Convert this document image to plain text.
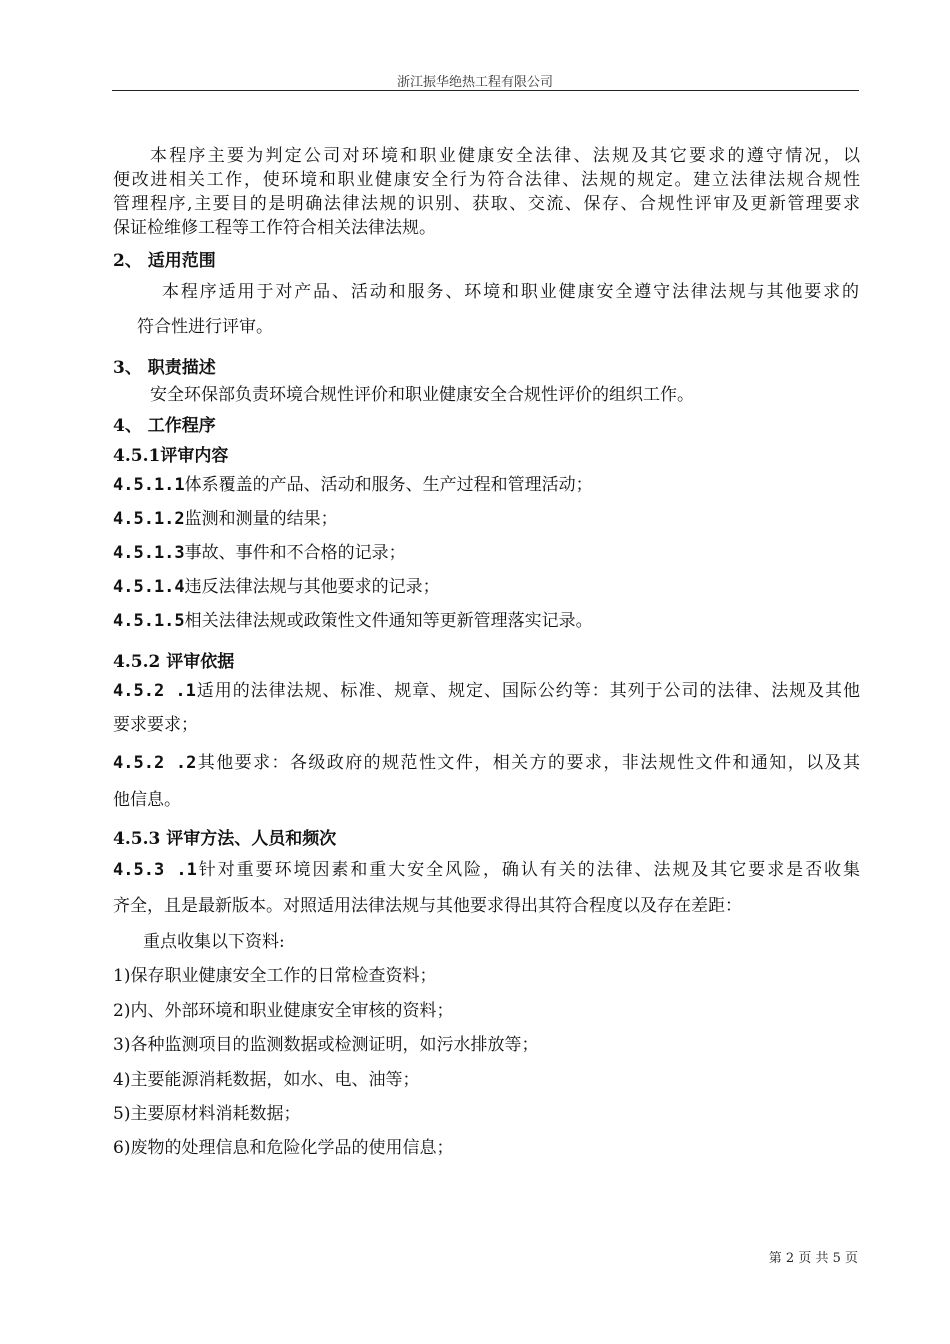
浙江振华绝热工程有限公司
本程序主要为判定公司对环境和职业健康安全法律、法规及其它要求的遵守情况，以
便改进相关工作，使环境和职业健康安全行为符合法律、法规的规定。建立法律法规合规性
管理程序,主要目的是明确法律法规的识别、获取、交流、保存、合规性评审及更新管理要求
保证检维修工程等工作符合相关法律法规。
2、 适用范围
本程序适用于对产品、活动和服务、环境和职业健康安全遵守法律法规与其他要求的
符合性进行评审。
3、 职责描述
安全环保部负责环境合规性评价和职业健康安全合规性评价的组织工作。
4、 工作程序
4.5.1评审内容
4.5.1.1体系覆盖的产品、活动和服务、生产过程和管理活动；
4.5.1.2监测和测量的结果；
4.5.1.3事故、事件和不合格的记录；
4.5.1.4违反法律法规与其他要求的记录；
4.5.1.5相关法律法规或政策性文件通知等更新管理落实记录。
4.5.2 评审依据
4.5.2 .1适用的法律法规、标准、规章、规定、国际公约等：其列于公司的法律、法规及其他
要求要求；
4.5.2 .2其他要求：各级政府的规范性文件，相关方的要求，非法规性文件和通知，以及其
他信息。
4.5.3 评审方法、人员和频次
4.5.3 .1针对重要环境因素和重大安全风险，确认有关的法律、法规及其它要求是否收集
齐全，且是最新版本。对照适用法律法规与其他要求得出其符合程度以及存在差距：
重点收集以下资料:
1)保存职业健康安全工作的日常检查资料；
2)内、外部环境和职业健康安全审核的资料；
3)各种监测项目的监测数据或检测证明，如污水排放等；
4)主要能源消耗数据，如水、电、油等；
5)主要原材料消耗数据；
6)废物的处理信息和危险化学品的使用信息；
第 2 页 共 5 页
